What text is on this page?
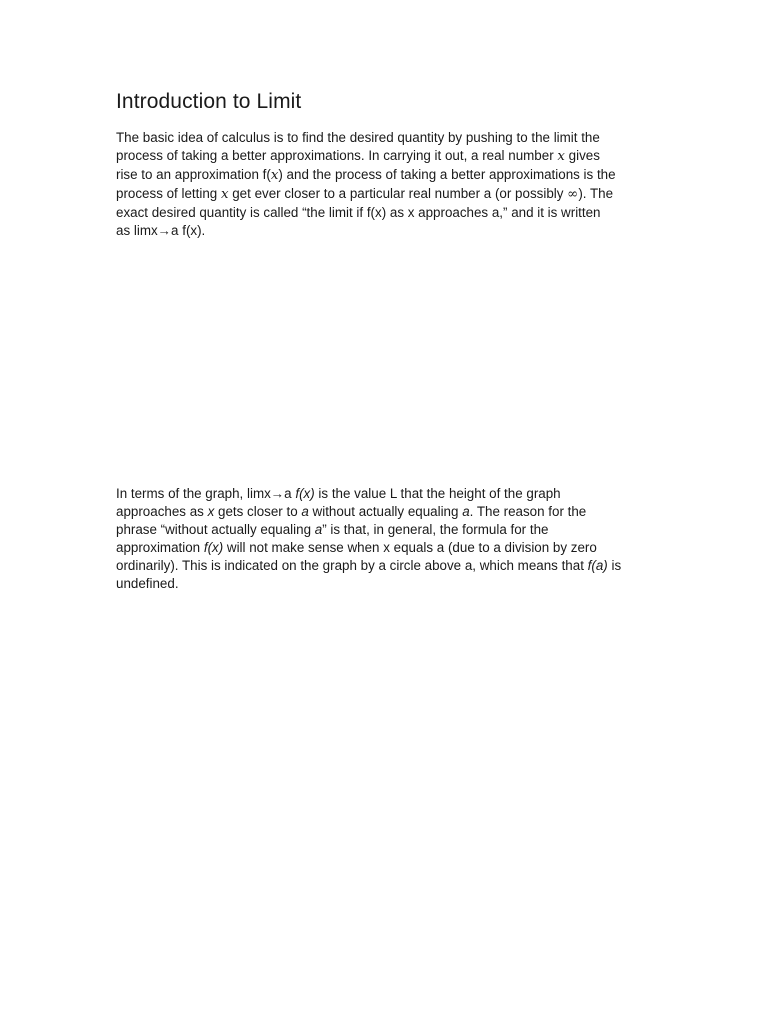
Introduction to Limit

The basic idea of calculus is to find the desired quantity by pushing to the limit the
process of taking a better approximations. In carrying it out, a real number x gives
rise to an approximation f(x) and the process of taking a better approximations is the
process of letting x get ever closer to a particular real number a (or possibly ∞). The
exact desired quantity is called “the limit if f(x) as x approaches a,” and it is written
as limx→a f(x).

In terms of the graph, limx→a f(x) is the value L that the height of the graph
approaches as x gets closer to a without actually equaling a. The reason for the
phrase “without actually equaling a” is that, in general, the formula for the
approximation f(x) will not make sense when x equals a (due to a division by zero
ordinarily). This is indicated on the graph by a circle above a, which means that f(a) is
undefined.
